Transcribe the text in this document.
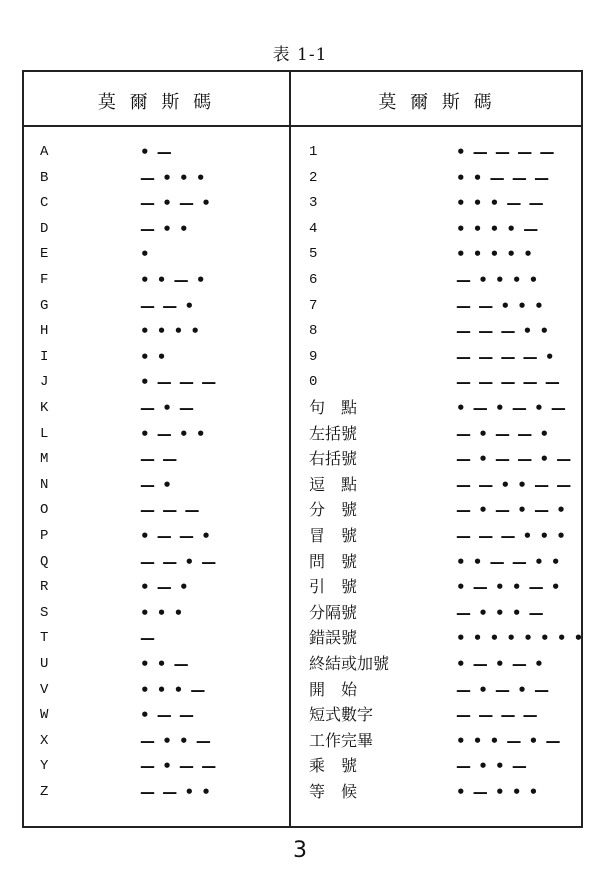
表 1-1
莫 爾 斯 碼	莫 爾 斯 碼
A	• —
B	— • • •
C	— • — •
D	— • •
E	•
F	• • — •
G	— — •
H	• • • •
I	• •
J	• — — —
K	— • —
L	• — • •
M	— —
N	— •
O	— — —
P	• — — •
Q	— — • —
R	• — •
S	• • •
T	—
U	• • —
V	• • • —
W	• — —
X	— • • —
Y	— • — —
Z	— — • •
1	• — — — —
2	• • — — —
3	• • • — —
4	• • • • —
5	• • • • •
6	— • • • •
7	— — • • •
8	— — — • •
9	— — — — •
0	— — — — —
句　點	• — • — • —
左括號	— • — — •
右括號	— • — — • —
逗　點	— — • • — —
分　號	— • — • — •
冒　號	— — — • • •
問　號	• • — — • •
引　號	• — • • — •
分隔號	— • • • —
錯誤號	• • • • • • • •
終結或加號	• — • — •
開　始	— • — • —
短式數字	— — — —
工作完畢	• • • — • —
乘　號	— • • —
等　候	• — • • •
3
